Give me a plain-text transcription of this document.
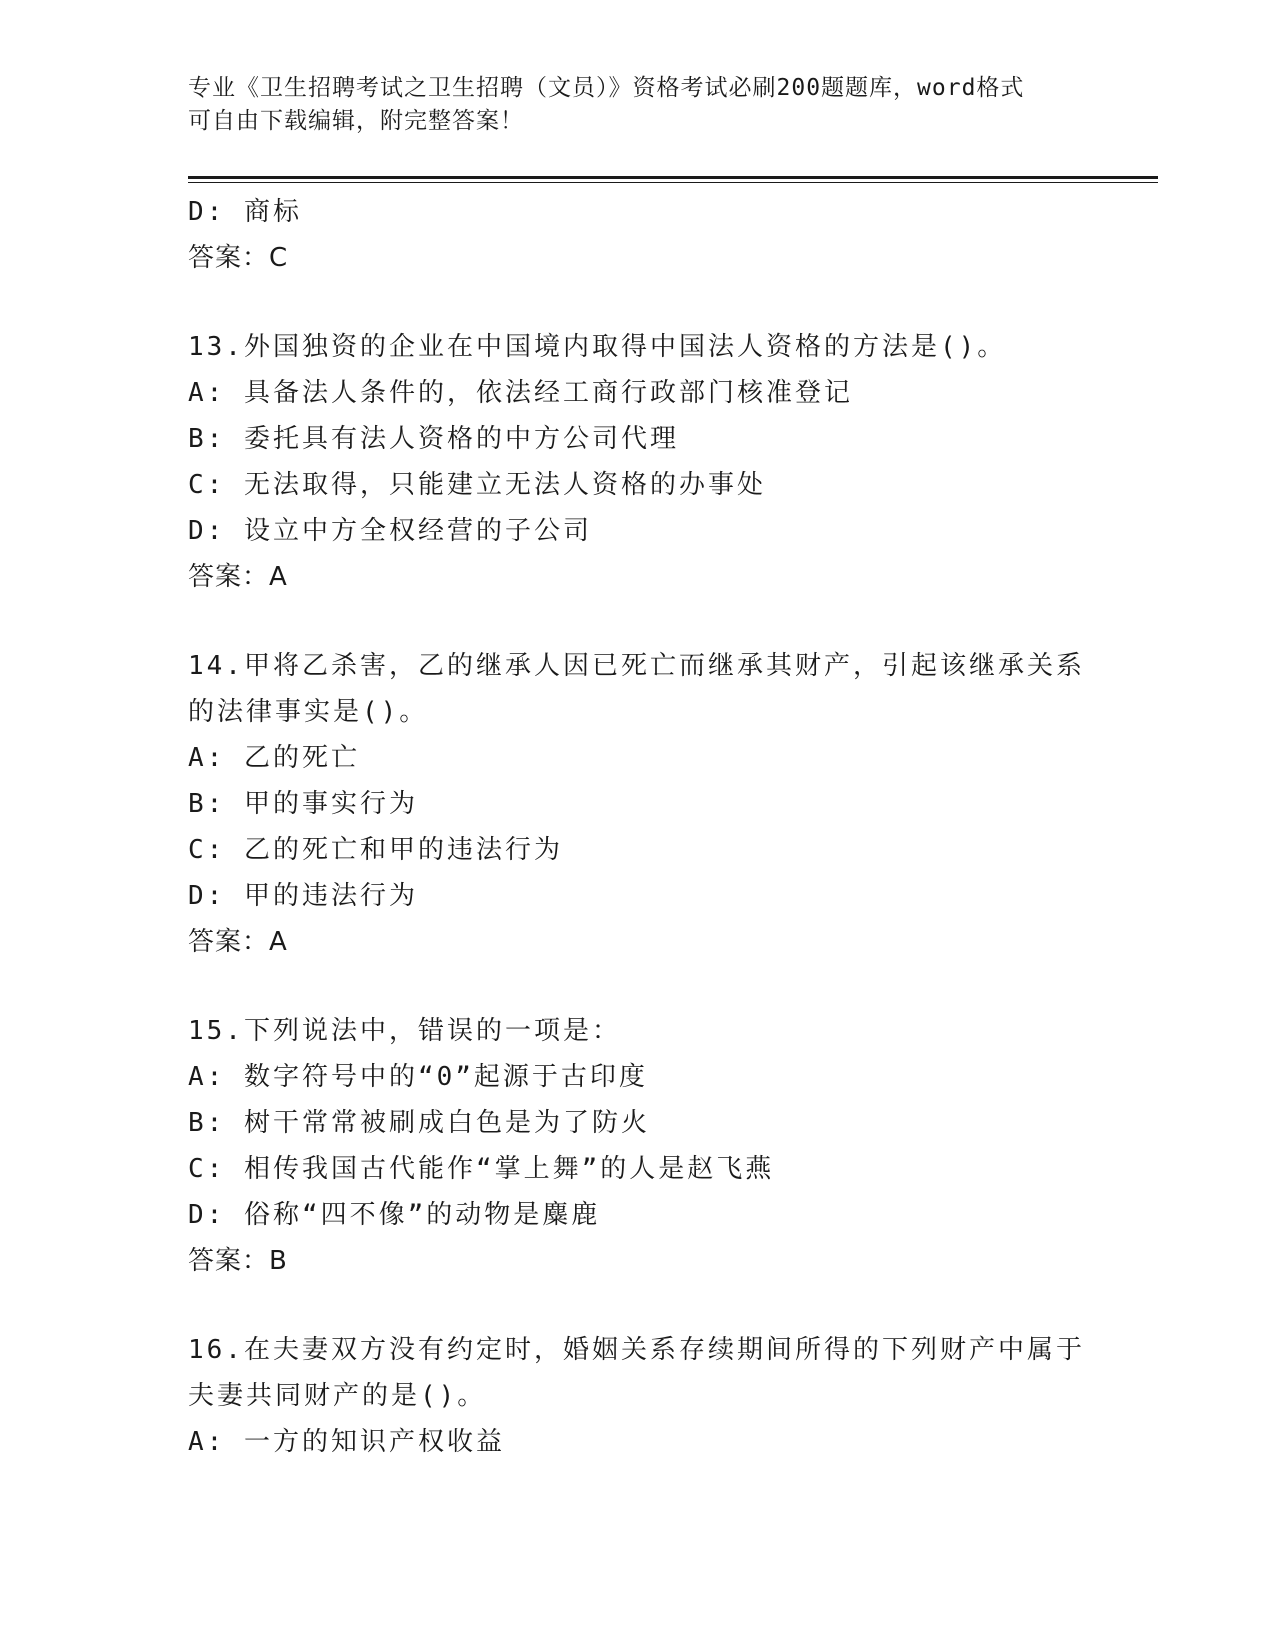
专业《卫生招聘考试之卫生招聘（文员）》资格考试必刷200题题库，word格式
可自由下载编辑，附完整答案！
D: 商标
答案：C
13.外国独资的企业在中国境内取得中国法人资格的方法是()。
A: 具备法人条件的，依法经工商行政部门核准登记
B: 委托具有法人资格的中方公司代理
C: 无法取得，只能建立无法人资格的办事处
D: 设立中方全权经营的子公司
答案：A
14.甲将乙杀害，乙的继承人因已死亡而继承其财产，引起该继承关系
的法律事实是()。
A: 乙的死亡
B: 甲的事实行为
C: 乙的死亡和甲的违法行为
D: 甲的违法行为
答案：A
15.下列说法中，错误的一项是：
A: 数字符号中的“0”起源于古印度
B: 树干常常被刷成白色是为了防火
C: 相传我国古代能作“掌上舞”的人是赵飞燕
D: 俗称“四不像”的动物是麋鹿
答案：B
16.在夫妻双方没有约定时，婚姻关系存续期间所得的下列财产中属于
夫妻共同财产的是()。
A: 一方的知识产权收益
